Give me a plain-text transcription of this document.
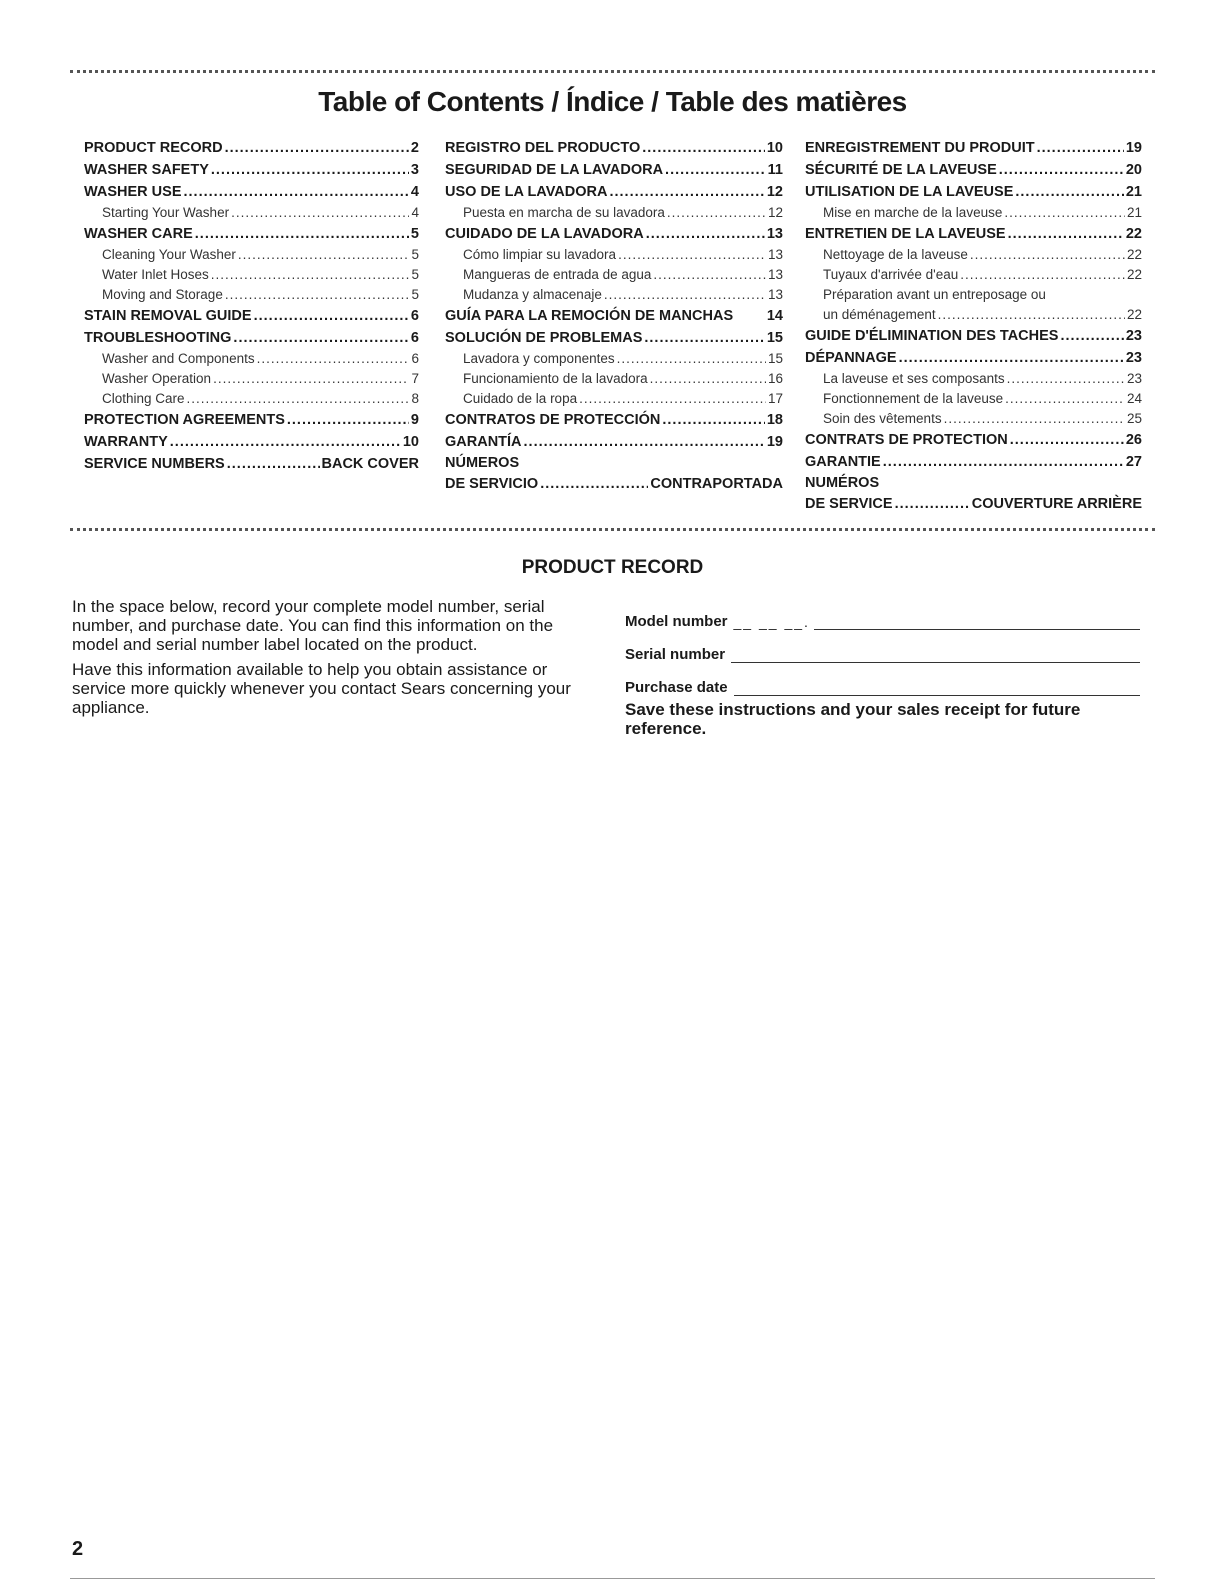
Table of Contents / Índice / Table des matières
PRODUCT RECORD .....	2
WASHER SAFETY .....	3
WASHER USE .....	4
Starting Your Washer .....	4
WASHER CARE .....	5
Cleaning Your Washer .....	5
Water Inlet Hoses .....	5
Moving and Storage .....	5
STAIN REMOVAL GUIDE .....	6
TROUBLESHOOTING .....	6
Washer and Components .....	6
Washer Operation .....	7
Clothing Care .....	8
PROTECTION AGREEMENTS .....	9
WARRANTY .....	10
SERVICE NUMBERS .....	BACK COVER
REGISTRO DEL PRODUCTO .....	10
SEGURIDAD DE LA LAVADORA .....	11
USO DE LA LAVADORA .....	12
Puesta en marcha de su lavadora .....	12
CUIDADO DE LA LAVADORA .....	13
Cómo limpiar su lavadora .....	13
Mangueras de entrada de agua .....	13
Mudanza y almacenaje .....	13
GUÍA PARA LA REMOCIÓN DE MANCHAS 14
SOLUCIÓN DE PROBLEMAS .....	15
Lavadora y componentes .....	15
Funcionamiento de la lavadora .....	16
Cuidado de la ropa .....	17
CONTRATOS DE PROTECCIÓN .....	18
GARANTÍA .....	19
NÚMEROS
DE SERVICIO .....	CONTRAPORTADA
ENREGISTREMENT DU PRODUIT .....	19
SÉCURITÉ DE LA LAVEUSE .....	20
UTILISATION DE LA LAVEUSE .....	21
Mise en marche de la laveuse .....	21
ENTRETIEN DE LA LAVEUSE .....	22
Nettoyage de la laveuse .....	22
Tuyaux d'arrivée d'eau .....	22
Préparation avant un entreposage ou
un déménagement .....	22
GUIDE D'ÉLIMINATION DES TACHES .....	23
DÉPANNAGE .....	23
La laveuse et ses composants .....	23
Fonctionnement de la laveuse .....	24
Soin des vêtements .....	25
CONTRATS DE PROTECTION .....	26
GARANTIE .....	27
NUMÉROS
DE SERVICE .....	COUVERTURE ARRIÈRE
PRODUCT RECORD

In the space below, record your complete model number, serial number, and purchase date. You can find this information on the model and serial number label located on the product.

Have this information available to help you obtain assistance or service more quickly whenever you contact Sears concerning your appliance.

Model number __ __ __.
Serial number
Purchase date

Save these instructions and your sales receipt for future reference.

2
